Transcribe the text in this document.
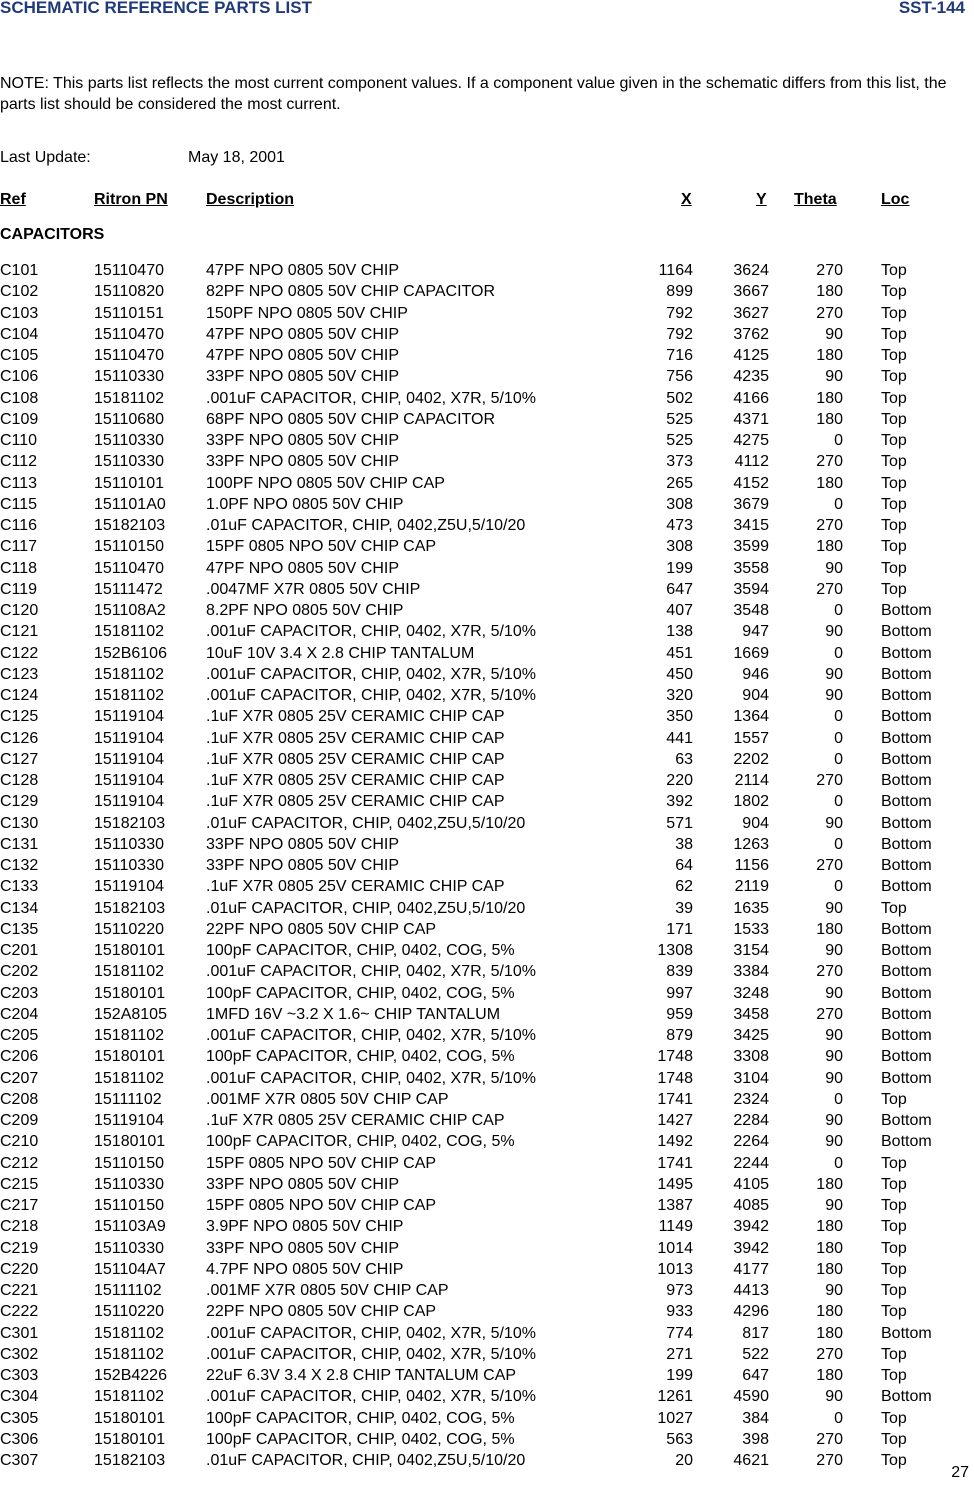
SCHEMATIC REFERENCE PARTS LIST	SST-144
NOTE: This parts list reflects the most current component values. If a component value given in the schematic differs from this list, the parts list should be considered the most current.
Last Update:	May 18, 2001
Ref	Ritron PN Description	X	Y Theta	Loc
CAPACITORS
C101	15110470	47PF NPO 0805 50V CHIP	1164	3624	270 Top
C102	15110820	82PF NPO 0805 50V CHIP CAPACITOR	899	3667	180 Top
C103	15110151	150PF NPO 0805 50V CHIP	792	3627	270 Top
C104	15110470	47PF NPO 0805 50V CHIP	792	3762	90 Top
C105	15110470	47PF NPO 0805 50V CHIP	716	4125	180 Top
C106	15110330	33PF NPO 0805 50V CHIP	756	4235	90 Top
C108	15181102	.001uF CAPACITOR, CHIP, 0402, X7R, 5/10%	502	4166	180 Top
C109	15110680	68PF NPO 0805 50V CHIP CAPACITOR	525	4371	180 Top
C110	15110330	33PF NPO 0805 50V CHIP	525	4275	0 Top
C112	15110330	33PF NPO 0805 50V CHIP	373	4112	270 Top
C113	15110101	100PF NPO 0805 50V CHIP CAP	265	4152	180 Top
C115	151101A0	1.0PF NPO 0805 50V CHIP	308	3679	0 Top
C116	15182103	.01uF CAPACITOR, CHIP, 0402,Z5U,5/10/20	473	3415	270 Top
C117	15110150	15PF 0805 NPO 50V CHIP CAP	308	3599	180 Top
C118	15110470	47PF NPO 0805 50V CHIP	199	3558	90 Top
C119	15111472	.0047MF X7R 0805 50V CHIP	647	3594	270 Top
C120	151108A2	8.2PF NPO 0805 50V CHIP	407	3548	0 Bottom
C121	15181102	.001uF CAPACITOR, CHIP, 0402, X7R, 5/10%	138	947	90 Bottom
C122	152B6106 10uF 10V 3.4 X 2.8 CHIP TANTALUM	451	1669	0 Bottom
C123	15181102	.001uF CAPACITOR, CHIP, 0402, X7R, 5/10%	450	946	90 Bottom
C124	15181102	.001uF CAPACITOR, CHIP, 0402, X7R, 5/10%	320	904	90 Bottom
C125	15119104	.1uF X7R 0805 25V CERAMIC CHIP CAP	350	1364	0 Bottom
C126	15119104	.1uF X7R 0805 25V CERAMIC CHIP CAP	441	1557	0 Bottom
C127	15119104	.1uF X7R 0805 25V CERAMIC CHIP CAP	63	2202	0 Bottom
C128	15119104	.1uF X7R 0805 25V CERAMIC CHIP CAP	220	2114	270 Bottom
C129	15119104	.1uF X7R 0805 25V CERAMIC CHIP CAP	392	1802	0 Bottom
C130	15182103	.01uF CAPACITOR, CHIP, 0402,Z5U,5/10/20	571	904	90 Bottom
C131	15110330	33PF NPO 0805 50V CHIP	38	1263	0 Bottom
C132	15110330	33PF NPO 0805 50V CHIP	64	1156	270 Bottom
C133	15119104	.1uF X7R 0805 25V CERAMIC CHIP CAP	62	2119	0 Bottom
C134	15182103	.01uF CAPACITOR, CHIP, 0402,Z5U,5/10/20	39	1635	90 Top
C135	15110220	22PF NPO 0805 50V CHIP CAP	171	1533	180 Bottom
C201	15180101	100pF CAPACITOR, CHIP, 0402, COG, 5%	1308	3154	90 Bottom
C202	15181102	.001uF CAPACITOR, CHIP, 0402, X7R, 5/10%	839	3384	270 Bottom
C203	15180101	100pF CAPACITOR, CHIP, 0402, COG, 5%	997	3248	90 Bottom
C204	152A8105 1MFD 16V ~3.2 X 1.6~ CHIP TANTALUM	959	3458	270 Bottom
C205	15181102	.001uF CAPACITOR, CHIP, 0402, X7R, 5/10%	879	3425	90 Bottom
C206	15180101	100pF CAPACITOR, CHIP, 0402, COG, 5%	1748	3308	90 Bottom
C207	15181102	.001uF CAPACITOR, CHIP, 0402, X7R, 5/10%	1748	3104	90 Bottom
C208	15111102	.001MF X7R 0805 50V CHIP CAP	1741	2324	0 Top
C209	15119104	.1uF X7R 0805 25V CERAMIC CHIP CAP	1427	2284	90 Bottom
C210	15180101	100pF CAPACITOR, CHIP, 0402, COG, 5%	1492	2264	90 Bottom
C212	15110150	15PF 0805 NPO 50V CHIP CAP	1741	2244	0 Top
C215	15110330	33PF NPO 0805 50V CHIP	1495	4105	180 Top
C217	15110150	15PF 0805 NPO 50V CHIP CAP	1387	4085	90 Top
C218	151103A9	3.9PF NPO 0805 50V CHIP	1149	3942	180 Top
C219	15110330	33PF NPO 0805 50V CHIP	1014	3942	180 Top
C220	151104A7	4.7PF NPO 0805 50V CHIP	1013	4177	180 Top
C221	15111102	.001MF X7R 0805 50V CHIP CAP	973	4413	90 Top
C222	15110220	22PF NPO 0805 50V CHIP CAP	933	4296	180 Top
C301	15181102	.001uF CAPACITOR, CHIP, 0402, X7R, 5/10%	774	817	180 Bottom
C302	15181102	.001uF CAPACITOR, CHIP, 0402, X7R, 5/10%	271	522	270 Top
C303	152B4226 22uF 6.3V 3.4 X 2.8 CHIP TANTALUM CAP	199	647	180 Top
C304	15181102	.001uF CAPACITOR, CHIP, 0402, X7R, 5/10%	1261	4590	90 Bottom
C305	15180101	100pF CAPACITOR, CHIP, 0402, COG, 5%	1027	384	0 Top
C306	15180101	100pF CAPACITOR, CHIP, 0402, COG, 5%	563	398	270 Top
C307	15182103	.01uF CAPACITOR, CHIP, 0402,Z5U,5/10/20	20	4621	270 Top
27
